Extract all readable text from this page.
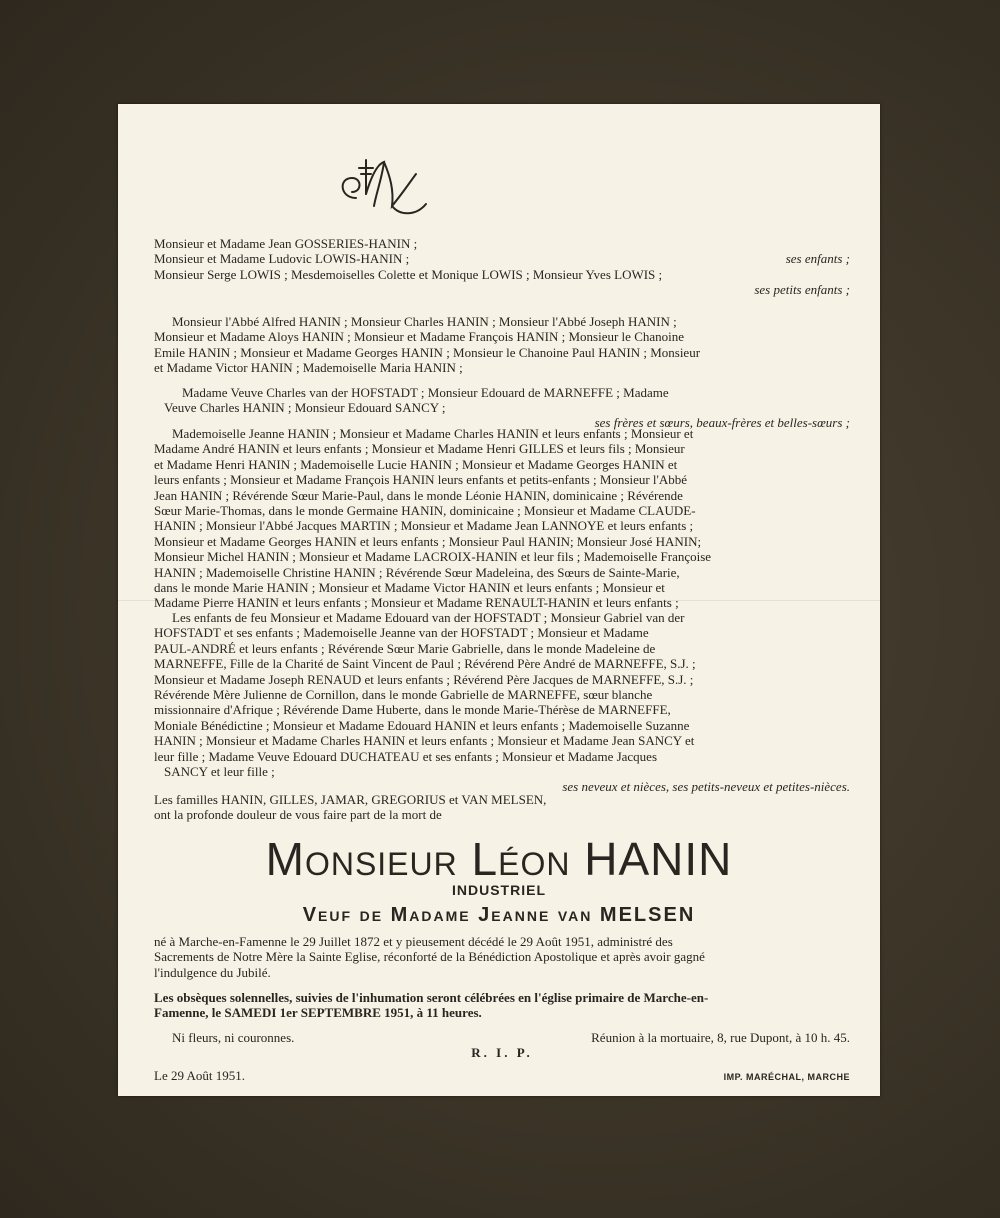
Monsieur et Madame Jean GOSSERIES-HANIN ;
Monsieur et Madame Ludovic LOWIS-HANIN ;	ses enfants ;
Monsieur Serge LOWIS ; Mesdemoiselles Colette et Monique LOWIS ; Monsieur Yves LOWIS ;
ses petits enfants ;
Monsieur l'Abbé Alfred HANIN ; Monsieur Charles HANIN ; Monsieur l'Abbé Joseph HANIN ;
Monsieur et Madame Aloys HANIN ; Monsieur et Madame François HANIN ; Monsieur le Chanoine
Emile HANIN ; Monsieur et Madame Georges HANIN ; Monsieur le Chanoine Paul HANIN ; Monsieur
et Madame Victor HANIN ; Mademoiselle Maria HANIN ;
Madame Veuve Charles van der HOFSTADT ; Monsieur Edouard de MARNEFFE ; Madame
Veuve Charles HANIN ; Monsieur Edouard SANCY ;
ses frères et sœurs, beaux-frères et belles-sœurs ;
Mademoiselle Jeanne HANIN ; Monsieur et Madame Charles HANIN et leurs enfants ; Monsieur et
Madame André HANIN et leurs enfants ; Monsieur et Madame Henri GILLES et leurs fils ; Monsieur
et Madame Henri HANIN ; Mademoiselle Lucie HANIN ; Monsieur et Madame Georges HANIN et
leurs enfants ; Monsieur et Madame François HANIN leurs enfants et petits-enfants ; Monsieur l'Abbé
Jean HANIN ; Révérende Sœur Marie-Paul, dans le monde Léonie HANIN, dominicaine ; Révérende
Sœur Marie-Thomas, dans le monde Germaine HANIN, dominicaine ; Monsieur et Madame CLAUDE-
HANIN ; Monsieur l'Abbé Jacques MARTIN ; Monsieur et Madame Jean LANNOYE et leurs enfants ;
Monsieur et Madame Georges HANIN et leurs enfants ; Monsieur Paul HANIN; Monsieur José HANIN;
Monsieur Michel HANIN ; Monsieur et Madame LACROIX-HANIN et leur fils ; Mademoiselle Françoise
HANIN ; Mademoiselle Christine HANIN ; Révérende Sœur Madeleina, des Sœurs de Sainte-Marie,
dans le monde Marie HANIN ; Monsieur et Madame Victor HANIN et leurs enfants ; Monsieur et
Madame Pierre HANIN et leurs enfants ; Monsieur et Madame RENAULT-HANIN et leurs enfants ;
Les enfants de feu Monsieur et Madame Edouard van der HOFSTADT ; Monsieur Gabriel van der
HOFSTADT et ses enfants ; Mademoiselle Jeanne van der HOFSTADT ; Monsieur et Madame
PAUL-ANDRÉ et leurs enfants ; Révérende Sœur Marie Gabrielle, dans le monde Madeleine de
MARNEFFE, Fille de la Charité de Saint Vincent de Paul ; Révérend Père André de MARNEFFE, S.J. ;
Monsieur et Madame Joseph RENAUD et leurs enfants ; Révérend Père Jacques de MARNEFFE, S.J. ;
Révérende Mère Julienne de Cornillon, dans le monde Gabrielle de MARNEFFE, sœur blanche
missionnaire d'Afrique ; Révérende Dame Huberte, dans le monde Marie-Thérèse de MARNEFFE,
Moniale Bénédictine ; Monsieur et Madame Edouard HANIN et leurs enfants ; Mademoiselle Suzanne
HANIN ; Monsieur et Madame Charles HANIN et leurs enfants ; Monsieur et Madame Jean SANCY et
leur fille ; Madame Veuve Edouard DUCHATEAU et ses enfants ; Monsieur et Madame Jacques
SANCY et leur fille ;
ses neveux et nièces, ses petits-neveux et petites-nièces.
Les familles HANIN, GILLES, JAMAR, GREGORIUS et VAN MELSEN,
ont la profonde douleur de vous faire part de la mort de
Monsieur Léon HANIN
INDUSTRIEL
Veuf de Madame Jeanne van MELSEN
né à Marche-en-Famenne le 29 Juillet 1872 et y pieusement décédé le 29 Août 1951, administré des
Sacrements de Notre Mère la Sainte Eglise, réconforté de la Bénédiction Apostolique et après avoir gagné
l'indulgence du Jubilé.
Les obsèques solennelles, suivies de l'inhumation seront célébrées en l'église primaire de Marche-en-
Famenne, le SAMEDI 1er SEPTEMBRE 1951, à 11 heures.
Ni fleurs, ni couronnes.	Réunion à la mortuaire, 8, rue Dupont, à 10 h. 45.
R. I. P.
Le 29 Août 1951.	IMP. MARÉCHAL, MARCHE
